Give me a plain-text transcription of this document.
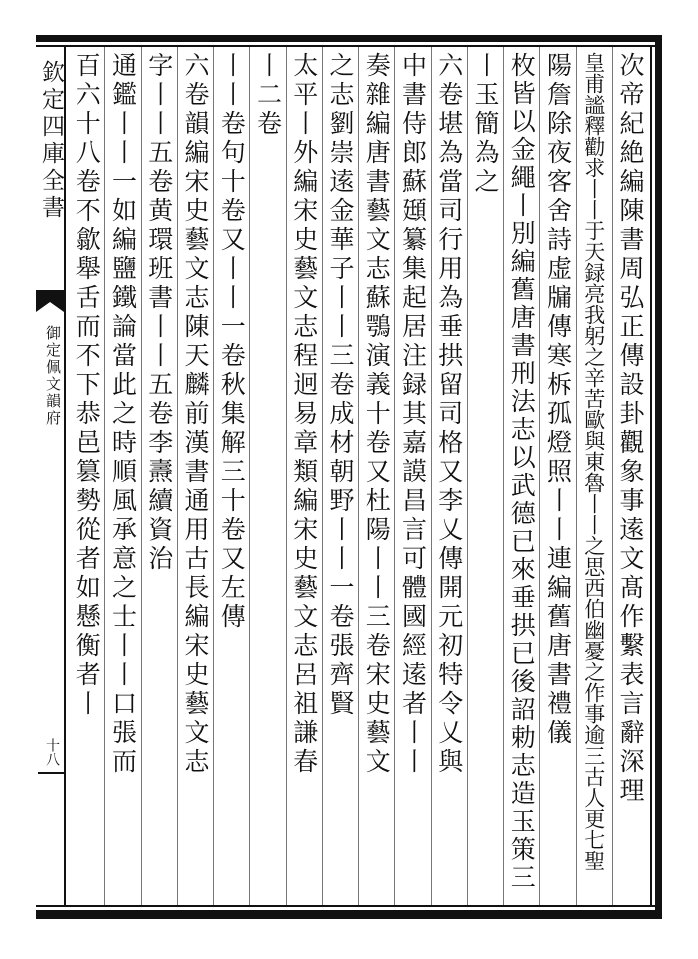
欽定四庫全書
御定佩文韻府
十八	次帝紀絶編陳書周弘正傳設卦觀象事逺文髙作繫表言辭深理
皇甫謐釋勸求丨丨于天録亮我躬之辛苦歐與東魯丨丨之思西伯幽憂之作事逾三古人更七聖
陽詹除夜客舍詩虚牖傳寒柝孤燈照丨丨連編舊唐書禮儀
枚皆以金繩丨別編舊唐書刑法志以武德已來垂拱已後詔勅志造玉策三
丨玉簡為之
六卷堪為當司行用為垂拱留司格又李乂傳開元初特令乂與
中書侍郎蘇頲纂集起居注録其嘉謨昌言可體國經逺者丨丨
奏雜編唐書藝文志蘇鶚演義十卷又杜陽丨丨三卷宋史藝文
之志劉崇逺金華子丨丨三卷成材朝野丨丨一卷張齊賢
太平丨外編宋史藝文志程迥易章類編宋史藝文志呂祖謙春
丨二卷
丨丨卷句十卷又丨丨一卷秋集解三十卷又左傳
六卷韻編宋史藝文志陳天麟前漢書通用古長編宋史藝文志
字丨丨五卷黄環班書丨丨五卷李燾續資治
通鑑丨丨一如編鹽鐵論當此之時順風承意之士丨丨口張而
百六十八卷不歙舉舌而不下恭邑篡勢從者如懸衡者丨
